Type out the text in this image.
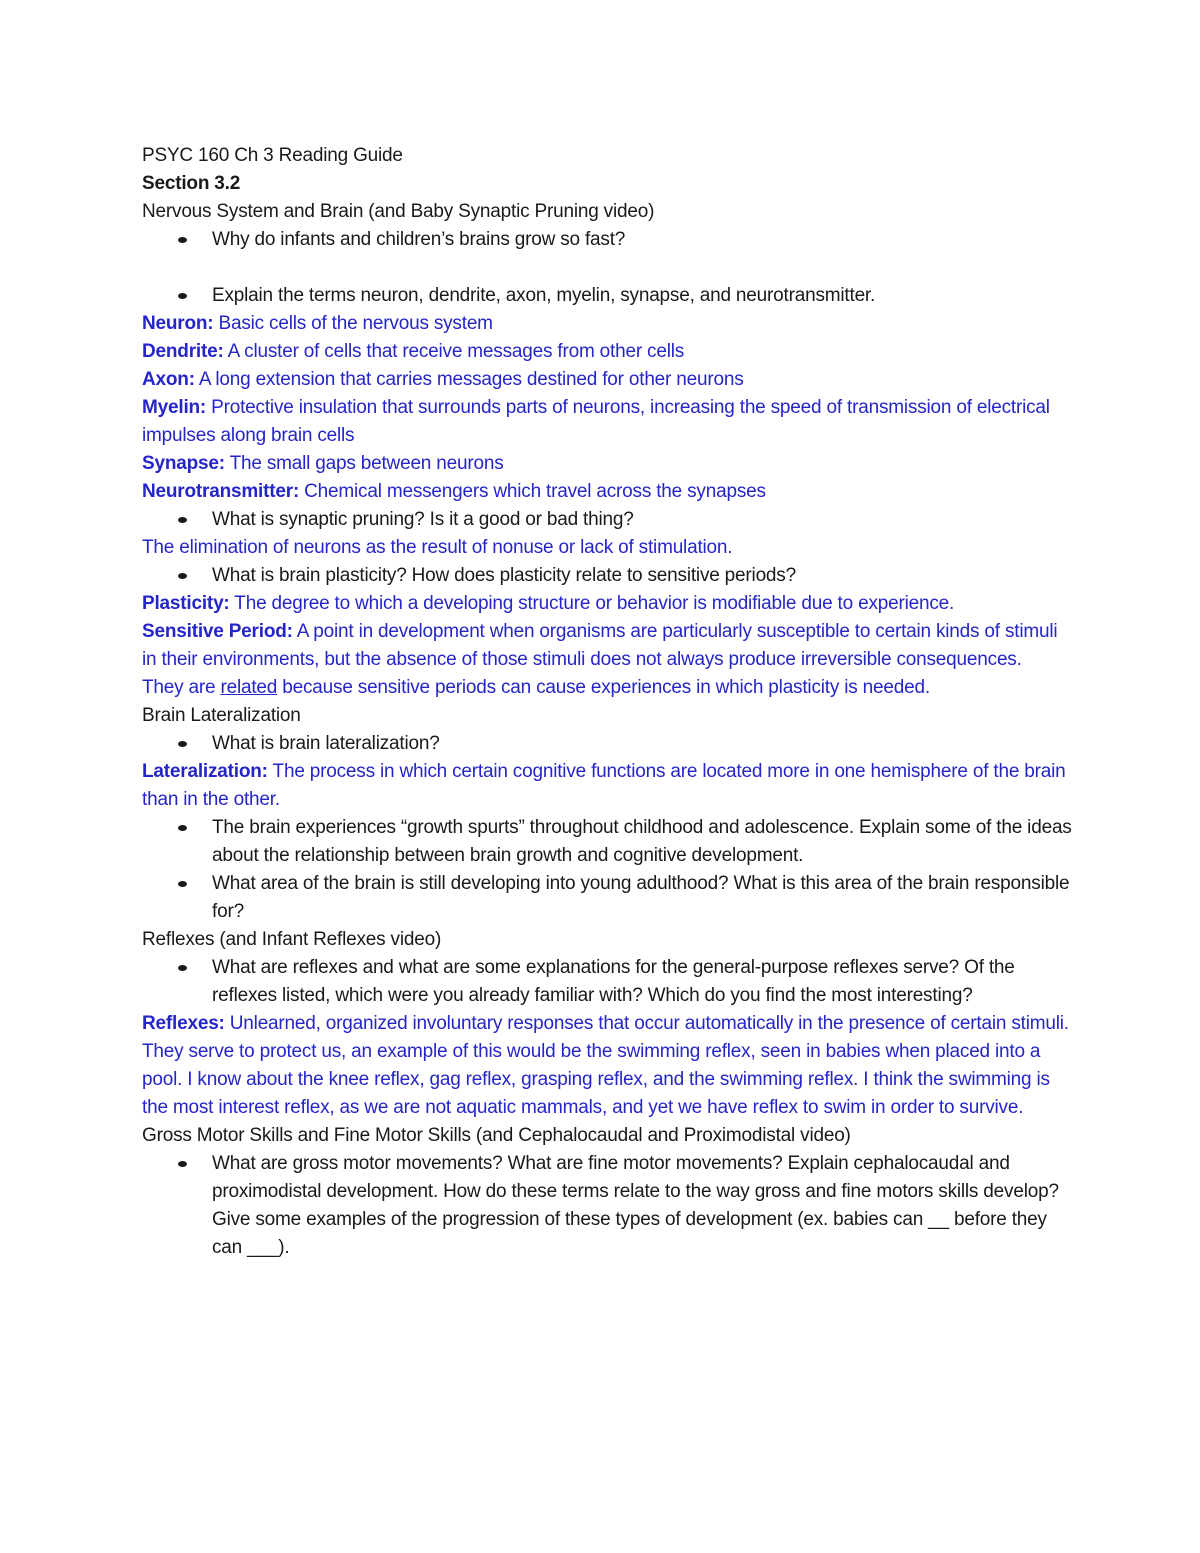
PSYC 160 Ch 3 Reading Guide

Section 3.2

Nervous System and Brain (and Baby Synaptic Pruning video)

Why do infants and children’s brains grow so fast?

Explain the terms neuron, dendrite, axon, myelin, synapse, and neurotransmitter.

Neuron: Basic cells of the nervous system

Dendrite: A cluster of cells that receive messages from other cells

Axon: A long extension that carries messages destined for other neurons

Myelin: Protective insulation that surrounds parts of neurons, increasing the speed of transmission of electrical impulses along brain cells

Synapse: The small gaps between neurons

Neurotransmitter: Chemical messengers which travel across the synapses

What is synaptic pruning? Is it a good or bad thing?

The elimination of neurons as the result of nonuse or lack of stimulation.

What is brain plasticity? How does plasticity relate to sensitive periods?

Plasticity: The degree to which a developing structure or behavior is modifiable due to experience.

Sensitive Period: A point in development when organisms are particularly susceptible to certain kinds of stimuli in their environments, but the absence of those stimuli does not always produce irreversible consequences.

They are related because sensitive periods can cause experiences in which plasticity is needed.

Brain Lateralization

What is brain lateralization?

Lateralization: The process in which certain cognitive functions are located more in one hemisphere of the brain than in the other.

The brain experiences “growth spurts” throughout childhood and adolescence. Explain some of the ideas about the relationship between brain growth and cognitive development.

What area of the brain is still developing into young adulthood? What is this area of the brain responsible for?

Reflexes (and Infant Reflexes video)

What are reflexes and what are some explanations for the general-purpose reflexes serve? Of the reflexes listed, which were you already familiar with? Which do you find the most interesting?

Reflexes: Unlearned, organized involuntary responses that occur automatically in the presence of certain stimuli.

They serve to protect us, an example of this would be the swimming reflex, seen in babies when placed into a pool. I know about the knee reflex, gag reflex, grasping reflex, and the swimming reflex. I think the swimming is the most interest reflex, as we are not aquatic mammals, and yet we have reflex to swim in order to survive.

Gross Motor Skills and Fine Motor Skills (and Cephalocaudal and Proximodistal video)

What are gross motor movements? What are fine motor movements? Explain cephalocaudal and proximodistal development. How do these terms relate to the way gross and fine motors skills develop? Give some examples of the progression of these types of development (ex. babies can __ before they can ___).
